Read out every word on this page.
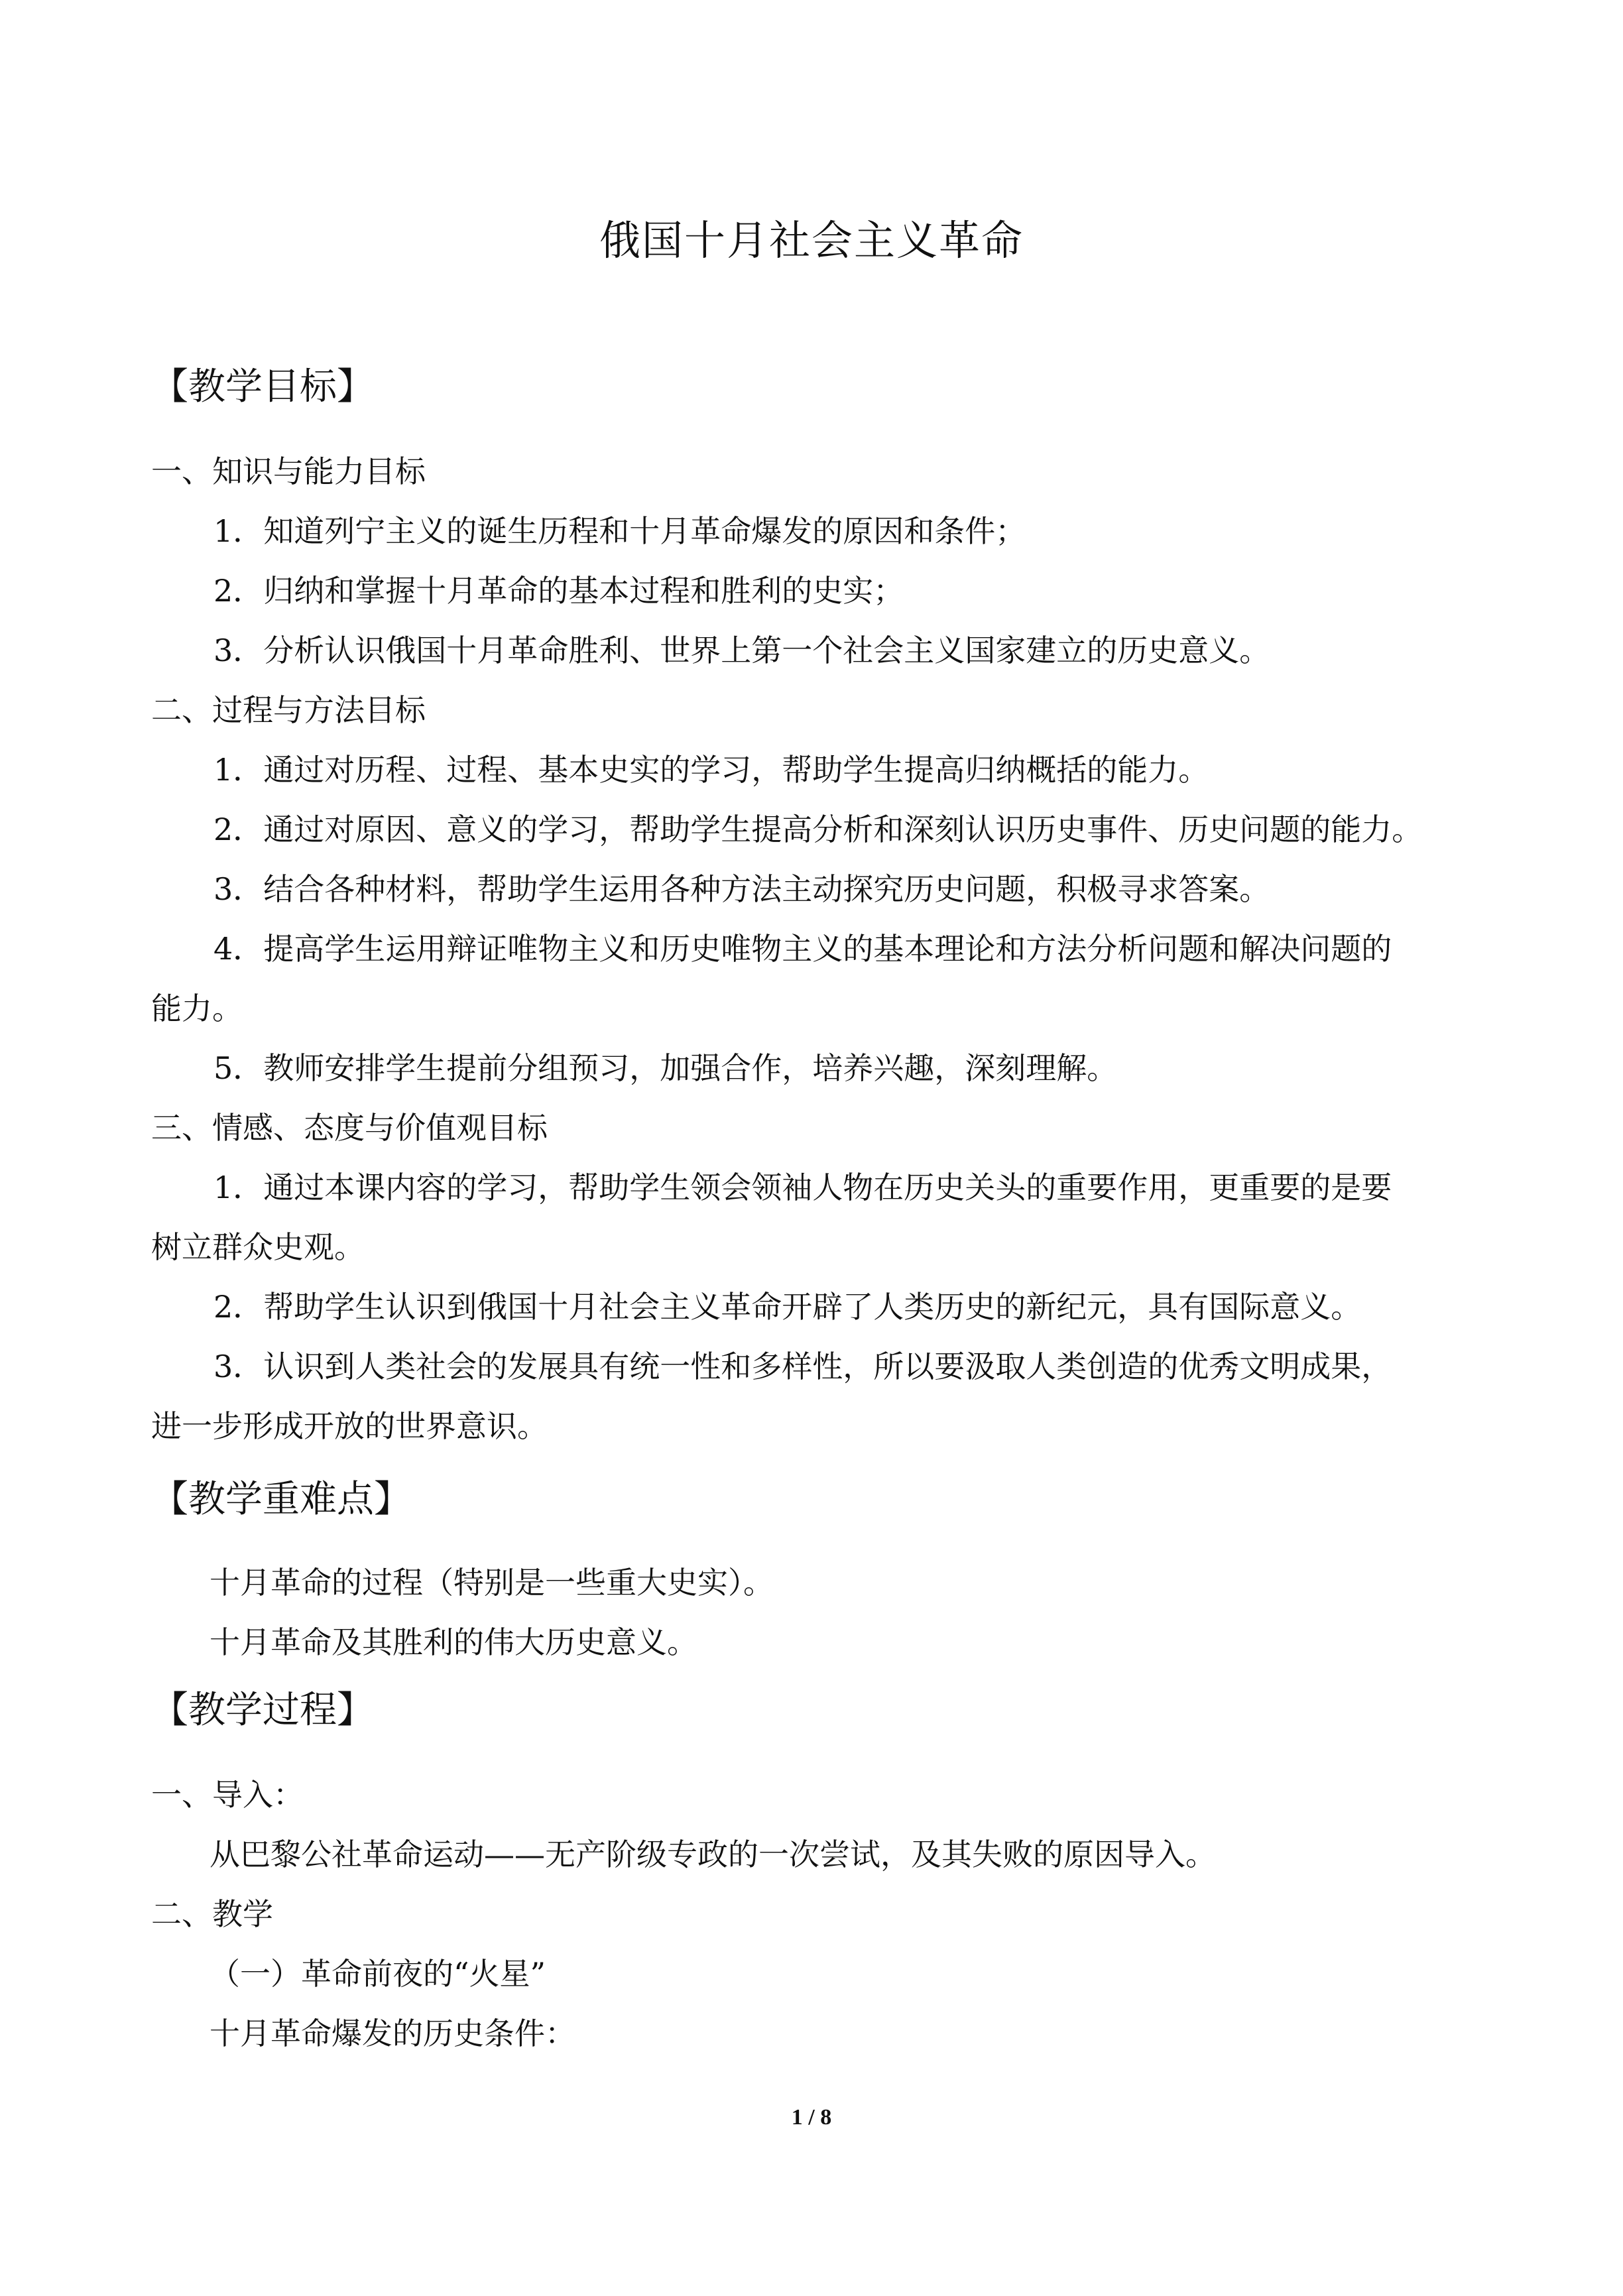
俄国十月社会主义革命
【教学目标】
一、知识与能力目标
1．知道列宁主义的诞生历程和十月革命爆发的原因和条件；
2．归纳和掌握十月革命的基本过程和胜利的史实；
3．分析认识俄国十月革命胜利、世界上第一个社会主义国家建立的历史意义。
二、过程与方法目标
1．通过对历程、过程、基本史实的学习，帮助学生提高归纳概括的能力。
2．通过对原因、意义的学习，帮助学生提高分析和深刻认识历史事件、历史问题的能力。
3．结合各种材料，帮助学生运用各种方法主动探究历史问题，积极寻求答案。
4．提高学生运用辩证唯物主义和历史唯物主义的基本理论和方法分析问题和解决问题的
能力。
5．教师安排学生提前分组预习，加强合作，培养兴趣，深刻理解。
三、情感、态度与价值观目标
1．通过本课内容的学习，帮助学生领会领袖人物在历史关头的重要作用，更重要的是要
树立群众史观。
2．帮助学生认识到俄国十月社会主义革命开辟了人类历史的新纪元，具有国际意义。
3．认识到人类社会的发展具有统一性和多样性，所以要汲取人类创造的优秀文明成果，
进一步形成开放的世界意识。
【教学重难点】
十月革命的过程（特别是一些重大史实）。
十月革命及其胜利的伟大历史意义。
【教学过程】
一、导入：
从巴黎公社革命运动——无产阶级专政的一次尝试，及其失败的原因导入。
二、教学
（一）革命前夜的“火星”
十月革命爆发的历史条件：
1 / 8
